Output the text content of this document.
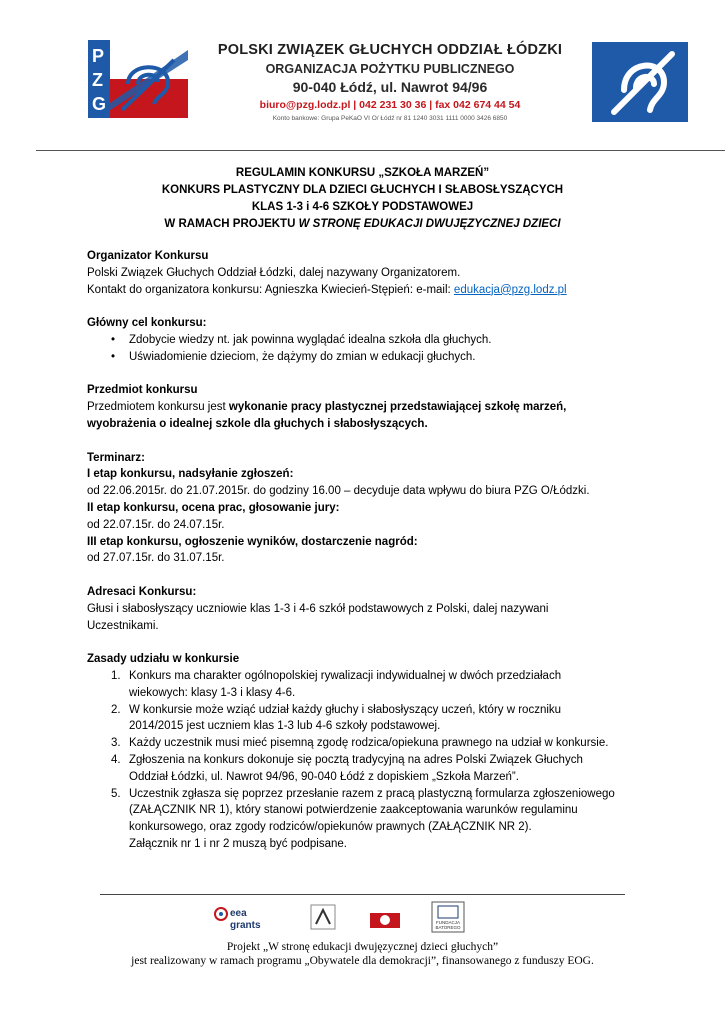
P
Z
G
POLSKI ZWIĄZEK GŁUCHYCH ODDZIAŁ ŁÓDZKI
ORGANIZACJA POŻYTKU PUBLICZNEGO
90-040 Łódź, ul. Nawrot 94/96
biuro@pzg.lodz.pl | 042 231 30 36 | fax 042 674 44 54
Konto bankowe: Grupa PeKaO VI O/ Łódź nr 81 1240 3031 1111 0000 3426 6850
REGULAMIN KONKURSU „SZKOŁA MARZEŃ”
KONKURS PLASTYCZNY DLA DZIECI GŁUCHYCH I SŁABOSŁYSZĄCYCH
KLAS 1-3 i 4-6 SZKOŁY PODSTAWOWEJ
W RAMACH PROJEKTU W STRONĘ EDUKACJI DWUJĘZYCZNEJ DZIECI
Organizator Konkursu
Polski Związek Głuchych Oddział Łódzki, dalej nazywany Organizatorem.
Kontakt do organizatora konkursu: Agnieszka Kwiecień-Stępień: e-mail: edukacja@pzg.lodz.pl
Główny cel konkursu:
• Zdobycie wiedzy nt. jak powinna wyglądać idealna szkoła dla głuchych.
• Uświadomienie dzieciom, że dążymy do zmian w edukacji głuchych.
Przedmiot konkursu
Przedmiotem konkursu jest wykonanie pracy plastycznej przedstawiającej szkołę marzeń,
wyobrażenia o idealnej szkole dla głuchych i słabosłyszących.
Terminarz:
I etap konkursu, nadsyłanie zgłoszeń:
od 22.06.2015r. do 21.07.2015r. do godziny 16.00 – decyduje data wpływu do biura PZG O/Łódzki.
II etap konkursu, ocena prac, głosowanie jury:
od 22.07.15r. do 24.07.15r.
III etap konkursu, ogłoszenie wyników, dostarczenie nagród:
od 27.07.15r. do 31.07.15r.
Adresaci Konkursu:
Głusi i słabosłyszący uczniowie klas 1-3 i 4-6 szkół podstawowych z Polski, dalej nazywani
Uczestnikami.
Zasady udziału w konkursie
1. Konkurs ma charakter ogólnopolskiej rywalizacji indywidualnej w dwóch przedziałach
wiekowych: klasy 1-3 i klasy 4-6.
2. W konkursie może wziąć udział każdy głuchy i słabosłyszący uczeń, który w roczniku
2014/2015 jest uczniem klas 1-3 lub 4-6 szkoły podstawowej.
3. Każdy uczestnik musi mieć pisemną zgodę rodzica/opiekuna prawnego na udział w konkursie.
4. Zgłoszenia na konkurs dokonuje się pocztą tradycyjną na adres Polski Związek Głuchych
Oddział Łódzki, ul. Nawrot 94/96, 90-040 Łódź z dopiskiem „Szkoła Marzeń”.
5. Uczestnik zgłasza się poprzez przesłanie razem z pracą plastyczną formularza zgłoszeniowego
(ZAŁĄCZNIK NR 1), który stanowi potwierdzenie zaakceptowania warunków regulaminu
konkursowego, oraz zgody rodziców/opiekunów prawnych (ZAŁĄCZNIK NR 2).
Załącznik nr 1 i nr 2 muszą być podpisane.
eea
grants	FUNDACJA
BATOREGO
Projekt „W stronę edukacji dwujęzycznej dzieci głuchych”
jest realizowany w ramach programu „Obywatele dla demokracji”, finansowanego z funduszy EOG.
